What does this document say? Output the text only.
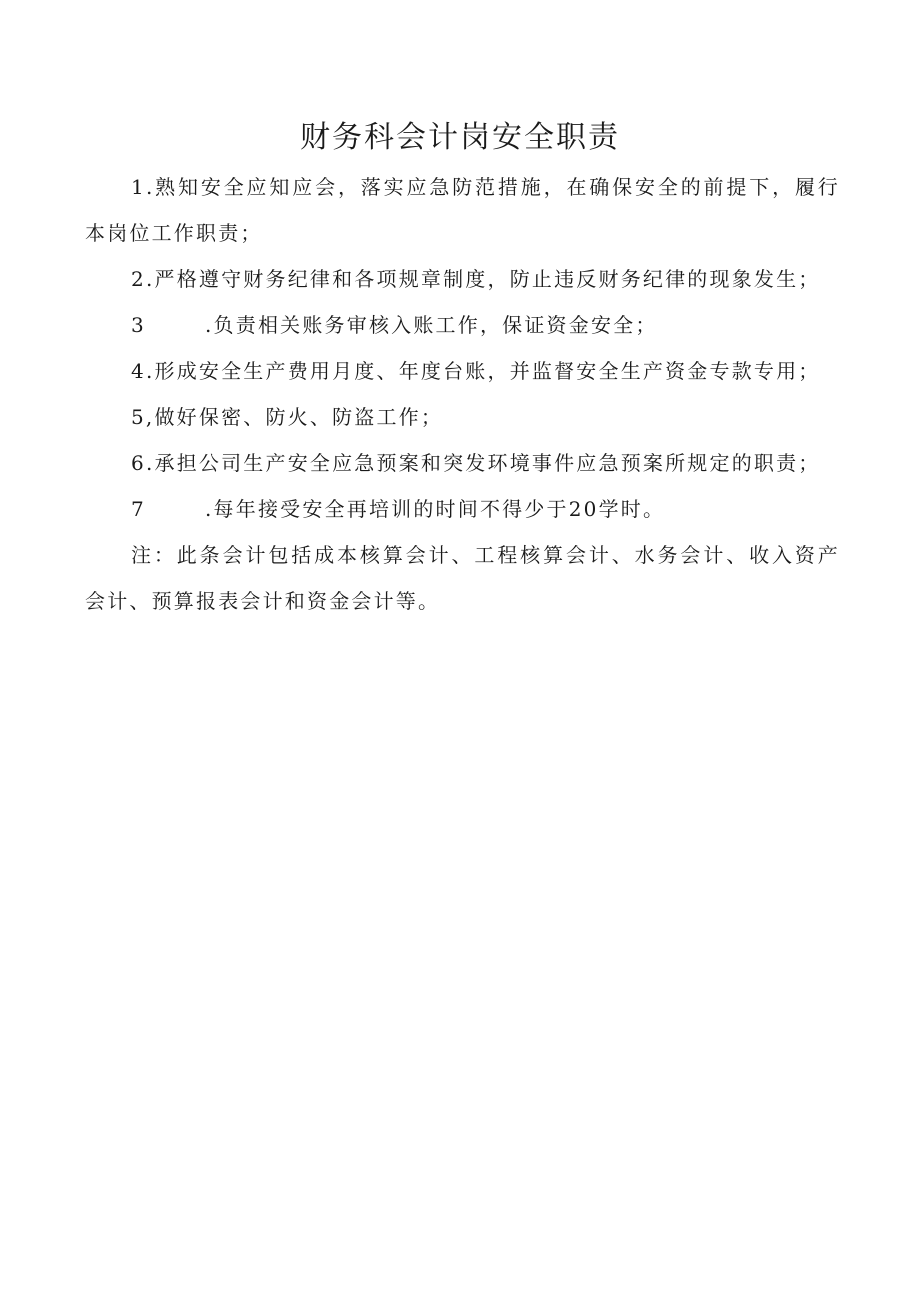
财务科会计岗安全职责

1.熟知安全应知应会，落实应急防范措施，在确保安全的前提下，履行本岗位工作职责；

2.严格遵守财务纪律和各项规章制度，防止违反财务纪律的现象发生；

3	.负责相关账务审核入账工作，保证资金安全；

4.形成安全生产费用月度、年度台账，并监督安全生产资金专款专用；

5,做好保密、防火、防盗工作；

6.承担公司生产安全应急预案和突发环境事件应急预案所规定的职责；

7	.每年接受安全再培训的时间不得少于20学时。

注：此条会计包括成本核算会计、工程核算会计、水务会计、收入资产会计、预算报表会计和资金会计等。
